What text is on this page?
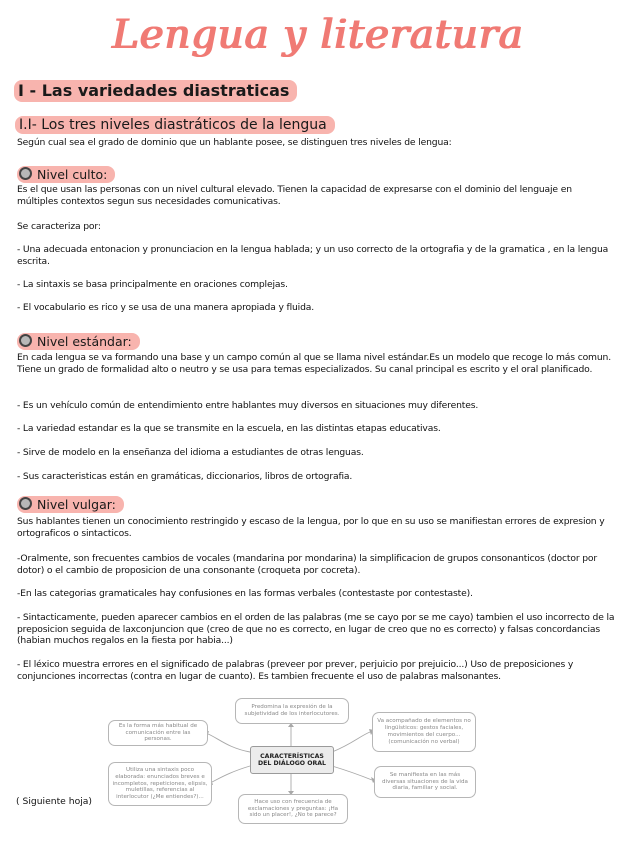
Lengua y literatura
I - Las variedades diastraticas
I.I- Los tres niveles diastráticos de la lengua

Según cual sea el grado de dominio que un hablante posee, se distinguen tres niveles de lengua:

Nivel culto:

Es el que usan las personas con un nivel cultural elevado. Tienen la capacidad de expresarse con el dominio del lenguaje en múltiples contextos segun sus necesidades comunicativas.

Se caracteriza por:

- Una adecuada entonacion y pronunciacion en la lengua hablada; y un uso correcto de la ortografia y de la gramatica , en la lengua escrita.

- La sintaxis se basa principalmente en oraciones complejas.

- El vocabulario es rico y se usa de una manera apropiada y fluida.

Nivel estándar:

En cada lengua se va formando una base y un campo común al que se llama nivel estándar.Es un modelo que recoge lo más comun. Tiene un grado de formalidad alto o neutro y se usa para temas especializados. Su canal principal es escrito y el oral planificado.

- Es un vehículo común de entendimiento entre hablantes muy diversos en situaciones muy diferentes.

- La variedad estandar es la que se transmite en la escuela, en las distintas etapas educativas.

- Sirve de modelo en la enseñanza del idioma a estudiantes de otras lenguas.

- Sus caracteristicas están en gramáticas, diccionarios, libros de ortografia.

Nivel vulgar:

Sus hablantes tienen un conocimiento restringido y escaso de la lengua, por lo que en su uso se manifiestan errores de expresion y ortograficos o sintacticos.

-Oralmente, son frecuentes cambios de vocales (mandarina por mondarina) la simplificacion de grupos consonanticos (doctor por dotor) o el cambio de proposicion de una consonante (croqueta por cocreta).

-En las categorias gramaticales hay confusiones en las formas verbales (contestaste por contestaste).

- Sintacticamente, pueden aparecer cambios en el orden de las palabras (me se cayo por se me cayo) tambien el uso incorrecto de la preposicion seguida de laxconjuncion que (creo de que no es correcto, en lugar de creo que no es correcto) y falsas concordancias (habian muchos regalos en la fiesta por habia...)

- El léxico muestra errores en el significado de palabras (preveer por prever, perjuicio por prejuicio...) Uso de preposiciones y conjunciones incorrectas (contra en lugar de cuanto). Es tambien frecuente el uso de palabras malsonantes.

Predomina la expresión de la subjetividad de los interlocutores.
Es la forma más habitual de comunicación entre las personas.
Utiliza una sintaxis poco elaborada: enunciados breves e incompletos, repeticiones, elipsis, muletillas, referencias al interlocutor (¿Me entiendes?)...
CARACTERÍSTICAS
DEL DIÁLOGO ORAL
Hace uso con frecuencia de exclamaciones y preguntas: ¡Ha sido un placer!, ¿No te parece?
Va acompañado de elementos no lingüísticos: gestos faciales, movimientos del cuerpo... (comunicación no verbal)
Se manifiesta en las más diversas situaciones de la vida diaria, familiar y social.
( Siguiente hoja)
